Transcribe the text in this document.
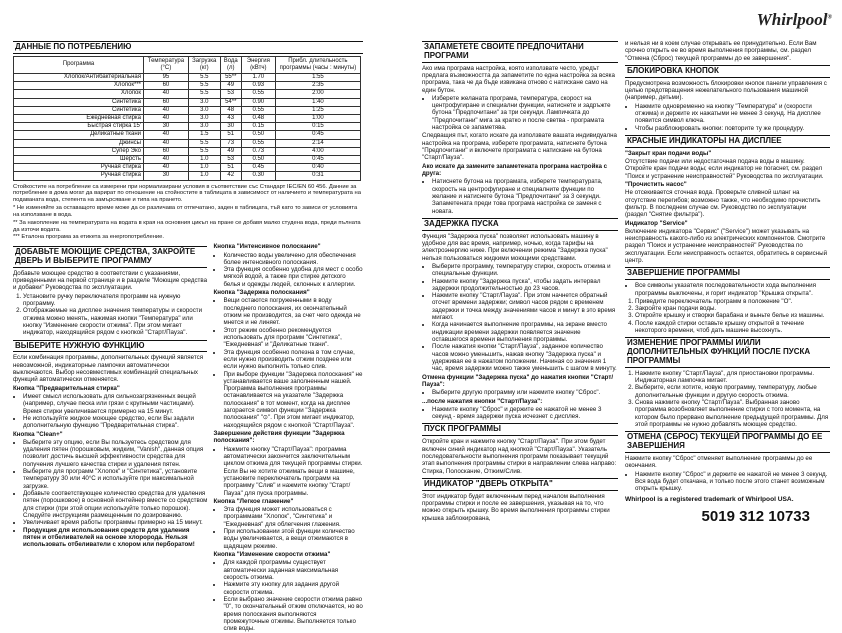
Whirlpool®
ДАННЫЕ ПО ПОТРЕБЛЕНИЮ
Программа	Температура (°C)	Загрузка (кг)	Вода (л)	Энергия (кВтч)	Прибл. длительность программы (часы : минуты)
Хлопок/Антибактериальная	95	5.5	55**	1.70	1:55
Хлопок***	60	5.5	49	0.93	2:35
Хлопок	40	5.5	53	0.55	2:00
Синтетика	60	3.0	54**	0.90	1:40
Синтетика	40	3.0	48	0.55	1:25
Ежедневная стирка	40	3.0	43	0.48	1:00
Быстрая стирка 15'	30	3.0	30	0.15	0:15
Деликатные ткани	40	1.5	51	0.50	0:45
Джинсы	40	5.5	73	0.55	2:14
Супер Эко	60	5.5	49	0.73	4:00
Шерсть	40	1.0	53	0.50	0:45
Ручная стирка	40	1.0	51	0.45	0:40
Ручная стирка	30	1.0	42	0.30	0:31

Стойкостите на потребление са измерени при нормализирани условия в съответствие със Стандарт IEC/EN 60 456. Данние за потребление в дома могат да варират по отношение на стойностите в таблицата в зависимост от наличието и температурата на подаваната вода, степента на замърсяване и типа на прането.

* Не изменяйте за оставащото време може да се различава от отпечатано, заден в таблицата, тъй като то зависи от условията на използване в вода.

** За накопление на температурата на водата в края на основния цикъл на пране се добавя малко студена вода, преди пълната да източи водата.

*** Еталона програма за етикета за енергопотребление.

ДОБАВЬТЕ МОЮЩИЕ СРЕДСТВА, ЗАКРОЙТЕ ДВЕРЬ И ВЫБЕРИТЕ ПРОГРАММУ

Добавьте моющее средство в соответствии с указаниями, приведенными на первой странице и в разделе "Моющие средства и добавки" Руководства по эксплуатации.

1. Установите ручку переключателя программ на нужную программу.
2. Отображаемые на дисплее значения температуры и скорости отжима можно менять, нажимая кнопки "Температура" или кнопку "Изменение скорости отжима". При этом мигает индикатор, находящийся рядом с кнопкой "Старт/Пауза".
ВЫБЕРИТЕ НУЖНУЮ ФУНКЦИЮ

Если комбинация программы, дополнительных функций является невозможной, индикаторные лампочки автоматически выключаются. Выбор несовместимых комбинаций специальных функций автоматически отменяется.

Кнопка "Предварительная стирка"

• Имеет смысл использовать для сильнозагрязненных вещей (например, случае песка или грязи с крупными частицами). Время стирки увеличивается примерно на 15 минут.
• Не используйте жидкое моющее средство, если Вы задали дополнительную функцию "Предварительная стирка".

Кнопка "Clean+"

• Выберите эту опцию, если Вы пользуетесь средством для удаления пятен (порошковым, жидким, "Vanish", данная опция позволит достичь высшей эффективности средства для получения лучшего качества стирки и удаления пятен.
• Выберите для программ "Хлопок" и "Синтетика", установите температуру 30 или 40°C и используйте при максимальной загрузке.
• Добавьте соответствующее количество средства для удаления пятен (порошковое) в основной контейнер вместе со средством для стирки (при этой опции используйте только порошок). Следуйте инструкциям размещенным по дозированию.
• Увеличивает время работы программы примерно на 15 минут.
• Продукция для использования средств для удаления пятен и отбеливателей на основе хлоророда. Нельзя использовать отбеливатели с хлором или перборатом!

Кнопка "Интенсивное полоскание"

• Количество воды увеличено для обеспечения более интенсивного полоскания.
• Эта функция особенно удобна для мест с особо мягкой водой, а также при стирке детского белья и одежды людей, склонных к аллергии.

Кнопка "Задержка полоскания"

• Вещи остаются погруженными в воду последнего полоскания, их окончательный отжим не производится, за счет чего одежда не мнется и не линяет.
• Этот режим особенно рекомендуется использовать для программ "Синтетика", "Ежедневная" и "Деликатные ткани".
• Эта функция особенно полезна в том случае, если нужно производить отжим позднее или если нужно выполнить только слив.
• При выборе функции "Задержка полоскания" не устанавливается ваше заполненным нашей. Программа выполнения программы останавливается на указателе "Задержка полоскания" в тот момент, когда на дисплее загорается символ функции "Задержка полоскания" "⊙". При этом мигает индикатор, находящийся рядом с кнопкой "Старт/Пауза".

Завершение действия функции "Задержка полоскания":

• Нажмите кнопку "Старт/Пауза": программа автоматически закончится заключительным циклом отжима для текущей программы стирки. Если Вы не хотите отжимать вещи в машине, установите переключатель программ на программу "Слив" и нажмите кнопку "Старт/Пауза" для пуска программы.

Кнопка "Легкое глажение"

• Эта функция может использоваться с программами "Хлопок", "Синтетика" и "Ежедневная" для облегчения глажения.
• При использовании этой функции количество воды увеличивается, а вещи отжимаются в щадящем режиме.

Кнопка "Изменение скорости отжима"

• Для каждой программы существует автоматически заданная максимальная скорость отжима.
• Нажмите эту кнопку для задания другой скорости отжима.
• Если выбрано значение скорости отжима равно "0", то окончательный отжим отключается, но во время полоскания выполняются промежуточные отжимы. Выполняется только слив воды.
ЗАПАМЕТЕТЕ СВОИТЕ ПРЕДПОЧИТАНИ ПРОГРАМИ

Ако има програма настройка, която използвате често, уредът предлага възможността да запаметите по една настройка за всяка програма, така че да бъде извикана отново с натискане само на един бутон.

• Изберете желаната програма, температура, скорост на центрофугиране и специални функции, натиснете и задръжте бутона "Предпочитани" за три секунди. Лампичката до "Предпочитани" мига за кратко и после светва - програмата настройка се запаметява.

Следващия път, когато искате да използвате вашата индивидуална настройка на програма, изберете програмата, натиснете бутона "Предпочитани" и включете програмата с натискане на бутона "Старт/Пауза".

Ако искате да замените запаметената програма настройка с друга:

• Натиснете бутона на програмата, изберете температурата, скорость на центрофугиране и специалните функции по желание и натиснете бутона "Предпочитани" за 3 секунди. Запаметената преди това програма настройка се заменя с новата.
ЗАДЕРЖКА ПУСКА

Функция "Задержка пуска" позволяет использовать машину в удобное для вас время, например, ночью, когда тарифы на электроэнергию ниже. При включении режима "Задержка пуска" нельзя пользоваться жидкими моющими средствами.

• Выберите программу, температуру стирки, скорость отжима и специальные функции.
• Нажмите кнопку "Задержка пуска", чтобы задать интервал задержки продолжительностью до 23 часов.
• Нажмите кнопку "Старт/Пауза". При этом начнется обратный отсчет времени задержки; символ часов рядом с временем задержки и точка между значениями часов и минут в это время мигают.
• Когда начинается выполнение программы, на экране вместо индикации времени задержки появляется значение оставшегося времени выполнения программы.
• После нажатия кнопки "Старт/Пауза", заданное количество часов можно уменьшить, нажав кнопку "Задержка пуска" и удерживая ее в нажатом положении. Начиная со значения 1 час, время задержки можно также уменьшить с шагом в минуту.

Отмена функции "Задержка пуска" до нажатия кнопки "Старт/Пауза":

• Выберите другую программу или нажмите кнопку "Сброс".

...после нажатия кнопки "Старт/Пауза":

• Нажмите кнопку "Сброс" и держите ее нажатой не менее 3 секунд - время задержки пуска исчезнет с дисплея.
ПУСК ПРОГРАММЫ

Откройте кран и нажмите кнопку "Старт/Пауза". При этом будет включен синий индикатор над кнопкой "Старт/Пауза". Указатель последовательности выполнения программ показывает текущий этап выполнения программы стирки в направлении слева направо: Стирка, Полоскание, Отжим/Слив.

ИНДИКАТОР "ДВЕРЬ ОТКРЫТА"

Этот индикатор будет включенным перед началом выполнения программы стирки и после ее завершения, указывая на то, что можно открыть крышку. Во время выполнения программы стирки крышка заблокирована,

и нельзя ни в коем случае открывать ее принудительно. Если Вам срочно открыть ее во время выполнения программы, см. раздел "Отмена (Сброс) текущей программы до ее завершения".

БЛОКИРОВКА КНОПОК

Предусмотрена возможность блокировки кнопок панели управления с целью предотвращения нежелательного пользования машиной (например, детьми).

• Нажмите одновременно на кнопку "Температура" и (скорости отжима) и держите их нажатыми не менее 3 секунд. На дисплее появится символ ключа.
• Чтобы разблокировать кнопки: повторите ту же процедуру.
КРАСНЫЕ ИНДИКАТОРЫ НА ДИСПЛЕЕ

"Закрыт кран подачи воды"

Отсутствие подачи или недостаточная подача воды в машину. Откройте кран подачи воды; если индикатор не погаснет, см. раздел "Поиск и устранение неисправностей" Руководства по эксплуатации.

"Прочистить насос"

Не отсекивается сточная вода. Проверьте сливной шланг на отсутствие перегибов; возможно также, что необходимо прочистить фильтр. В последнем случае см. Руководство по эксплуатации (раздел "Снятие фильтра").

Индикатор "Service"

Включение индикатора "Сервис" ("Service") может указывать на неисправность какого-либо из электрических компонентов. Смотрите раздел "Поиск и устранение неисправностей" Руководства по эксплуатации. Если неисправность остается, обратитесь в сервисный центр.

ЗАВЕРШЕНИЕ ПРОГРАММЫ
• Все символы указателя последовательности хода выполнения программы выключены, и горит индикатор "Крышка открыта".
1. Приведите переключатель программ в положение "O".
2. Закройте кран подачи воды.
3. Откройте крышку и створки барабана и выньте белье из машины.
4. После каждой стирки оставьте крышку открытой в течение некоторого времени, чтоб дать машине высохнуть.
ИЗМЕНЕНИЕ ПРОГРАММЫ И/ИЛИ ДОПОЛНИТЕЛЬНЫХ ФУНКЦИЙ ПОСЛЕ ПУСКА ПРОГРАММЫ
1. Нажмите кнопку "Старт/Пауза", для приостановки программы. Индикаторная лампочка мигает.
2. Выберите, если хотите, новую программу, температуру, любые дополнительные функции и другую скорость отжима.
3. Снова нажмите кнопку "Старт/Пауза". Выбранная заново программа возобновляет выполнение стирки с того момента, на котором было прервано выполнение предыдущей программы. Для этой программы не нужно добавлять моющее средство.
ОТМЕНА (СБРОС) ТЕКУЩЕЙ ПРОГРАММЫ ДО ЕЕ ЗАВЕРШЕНИЯ

Нажмите кнопку "Сброс" отменяет выполнение программы до ее окончания.

• Нажмите кнопку "Сброс" и держите ее нажатой не менее 3 секунд. Вся вода будет откачана, и только после этого станет возможным открыть крышку.

Whirlpool is a registered trademark of Whirlpool USA.

5019 312 10733
